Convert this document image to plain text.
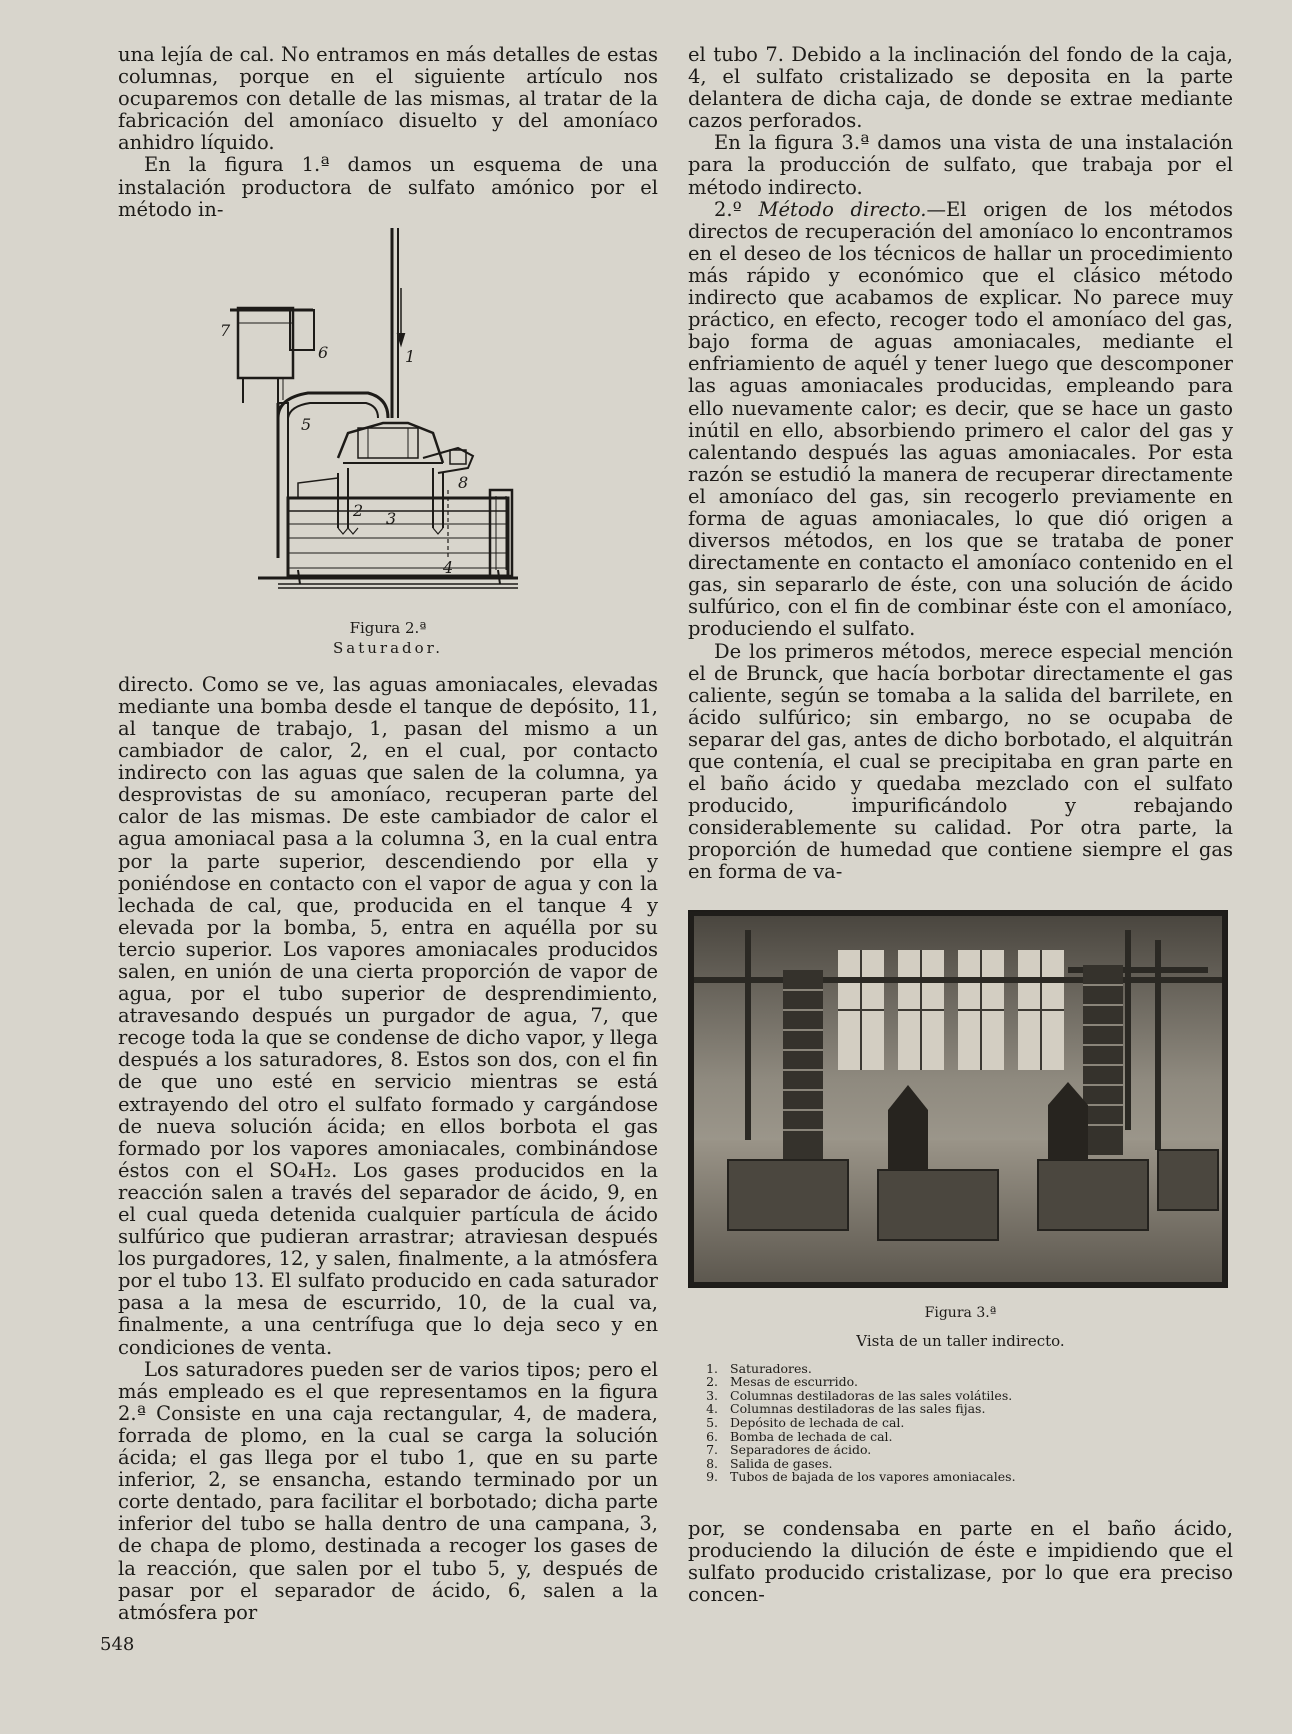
una lejía de cal. No entramos en más detalles de estas columnas, porque en el siguiente artículo nos ocuparemos con detalle de las mismas, al tratar de la fabricación del amoníaco disuelto y del amoníaco anhidro líquido.

En la figura 1.ª damos un esquema de una instalación productora de sulfato amónico por el método in-

1
2 3
4
5
6
7
8
Figura 2.ª
Saturador.
directo. Como se ve, las aguas amoniacales, elevadas mediante una bomba desde el tanque de depósito, 11, al tanque de trabajo, 1, pasan del mismo a un cambiador de calor, 2, en el cual, por contacto indirecto con las aguas que salen de la columna, ya desprovistas de su amoníaco, recuperan parte del calor de las mismas. De este cambiador de calor el agua amoniacal pasa a la columna 3, en la cual entra por la parte superior, descendiendo por ella y poniéndose en contacto con el vapor de agua y con la lechada de cal, que, producida en el tanque 4 y elevada por la bomba, 5, entra en aquélla por su tercio superior. Los vapores amoniacales producidos salen, en unión de una cierta proporción de vapor de agua, por el tubo superior de desprendimiento, atravesando después un purgador de agua, 7, que recoge toda la que se condense de dicho vapor, y llega después a los saturadores, 8. Estos son dos, con el fin de que uno esté en servicio mientras se está extrayendo del otro el sulfato formado y cargándose de nueva solución ácida; en ellos borbota el gas formado por los vapores amoniacales, combinándose éstos con el SO₄H₂. Los gases producidos en la reacción salen a través del separador de ácido, 9, en el cual queda detenida cualquier partícula de ácido sulfúrico que pudieran arrastrar; atraviesan después los purgadores, 12, y salen, finalmente, a la atmósfera por el tubo 13. El sulfato producido en cada saturador pasa a la mesa de escurrido, 10, de la cual va, finalmente, a una centrífuga que lo deja seco y en condiciones de venta.

Los saturadores pueden ser de varios tipos; pero el más empleado es el que representamos en la figura 2.ª Consiste en una caja rectangular, 4, de madera, forrada de plomo, en la cual se carga la solución ácida; el gas llega por el tubo 1, que en su parte inferior, 2, se ensancha, estando terminado por un corte dentado, para facilitar el borbotado; dicha parte inferior del tubo se halla dentro de una campana, 3, de chapa de plomo, destinada a recoger los gases de la reacción, que salen por el tubo 5, y, después de pasar por el separador de ácido, 6, salen a la atmósfera por

el tubo 7. Debido a la inclinación del fondo de la caja, 4, el sulfato cristalizado se deposita en la parte delantera de dicha caja, de donde se extrae mediante cazos perforados.

En la figura 3.ª damos una vista de una instalación para la producción de sulfato, que trabaja por el método indirecto.

2.º Método directo.—El origen de los métodos directos de recuperación del amoníaco lo encontramos en el deseo de los técnicos de hallar un procedimiento más rápido y económico que el clásico método indirecto que acabamos de explicar. No parece muy práctico, en efecto, recoger todo el amoníaco del gas, bajo forma de aguas amoniacales, mediante el enfriamiento de aquél y tener luego que descomponer las aguas amoniacales producidas, empleando para ello nuevamente calor; es decir, que se hace un gasto inútil en ello, absorbiendo primero el calor del gas y calentando después las aguas amoniacales. Por esta razón se estudió la manera de recuperar directamente el amoníaco del gas, sin recogerlo previamente en forma de aguas amoniacales, lo que dió origen a diversos métodos, en los que se trataba de poner directamente en contacto el amoníaco contenido en el gas, sin separarlo de éste, con una solución de ácido sulfúrico, con el fin de combinar éste con el amoníaco, produciendo el sulfato.

De los primeros métodos, merece especial mención el de Brunck, que hacía borbotar directamente el gas caliente, según se tomaba a la salida del barrilete, en ácido sulfúrico; sin embargo, no se ocupaba de separar del gas, antes de dicho borbotado, el alquitrán que contenía, el cual se precipitaba en gran parte en el baño ácido y quedaba mezclado con el sulfato producido, impurificándolo y rebajando considerablemente su calidad. Por otra parte, la proporción de humedad que contiene siempre el gas en forma de va-

Figura 3.ª
Vista de un taller indirecto.
1. Saturadores.
2. Mesas de escurrido.
3. Columnas destiladoras de las sales volátiles.
4. Columnas destiladoras de las sales fijas.
5. Depósito de lechada de cal.
6. Bomba de lechada de cal.
7. Separadores de ácido.
8. Salida de gases.
9. Tubos de bajada de los vapores amoniacales.

por, se condensaba en parte en el baño ácido, produciendo la dilución de éste e impidiendo que el sulfato producido cristalizase, por lo que era preciso concen-

548
